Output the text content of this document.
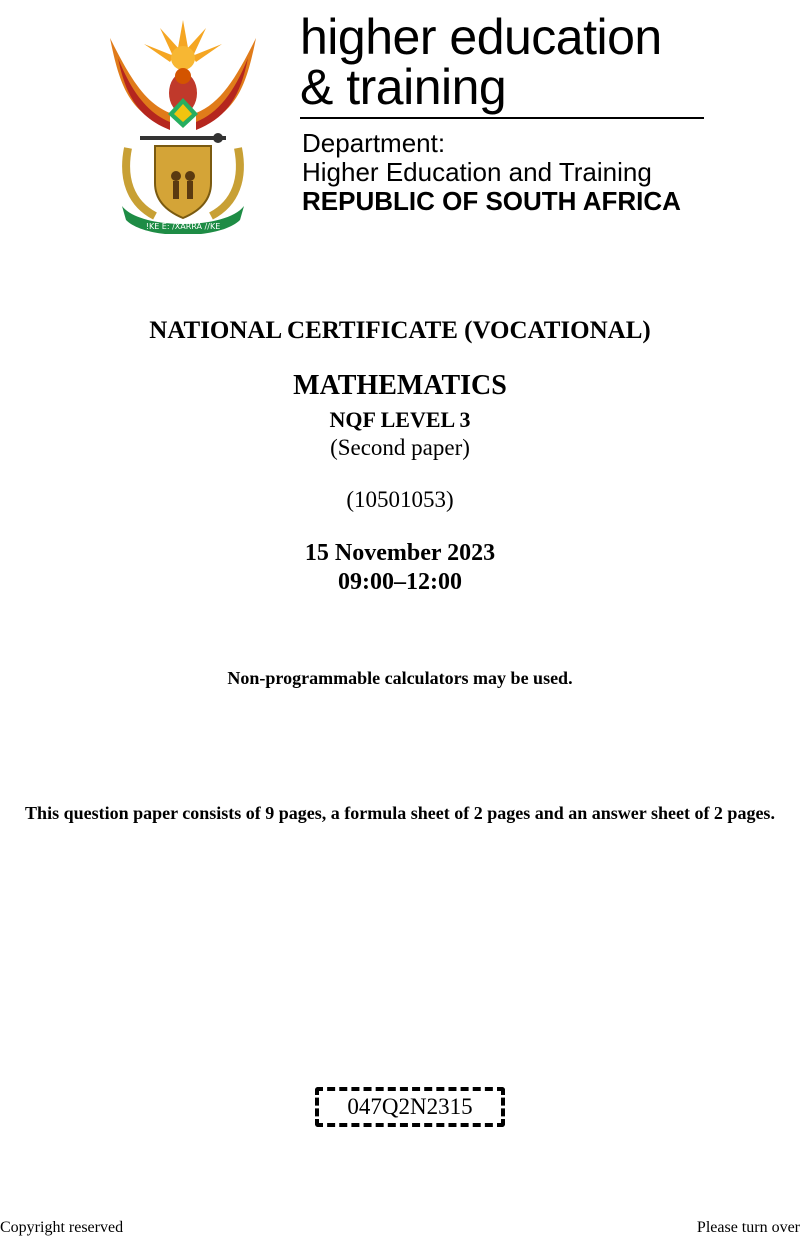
!KE E: /XARRA //KE
higher education
& training
Department:
Higher Education and Training
REPUBLIC OF SOUTH AFRICA
NATIONAL CERTIFICATE (VOCATIONAL)
MATHEMATICS
NQF LEVEL 3
(Second paper)
(10501053)
15 November 2023
09:00–12:00
Non-programmable calculators may be used.
This question paper consists of 9 pages, a formula sheet of 2 pages and an answer sheet of 2 pages.
047Q2N2315
Copyright reserved	Please turn over
